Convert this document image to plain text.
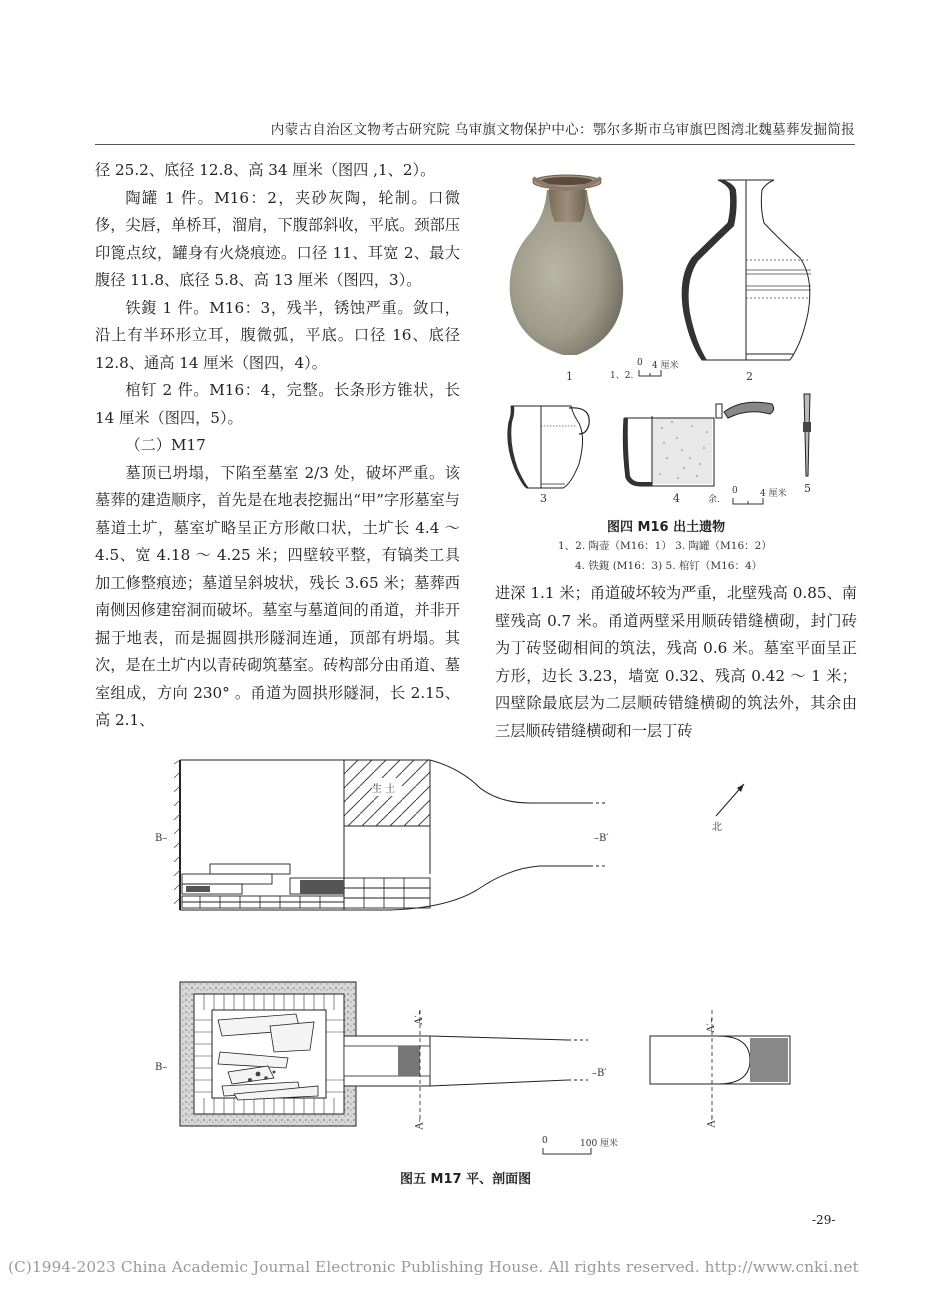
内蒙古自治区文物考古研究院 乌审旗文物保护中心：鄂尔多斯市乌审旗巴图湾北魏墓葬发掘简报

径 25.2、底径 12.8、高 34 厘米（图四 ,1、2）。

陶罐 1 件。M16：2，夹砂灰陶，轮制。口微侈，尖唇，单桥耳，溜肩，下腹部斜收，平底。颈部压印篦点纹，罐身有火烧痕迹。口径 11、耳宽 2、最大腹径 11.8、底径 5.8、高 13 厘米（图四，3）。

铁鍑 1 件。M16：3，残半，锈蚀严重。敛口，沿上有半环形立耳，腹微弧，平底。口径 16、底径 12.8、通高 14 厘米（图四，4）。

棺钉 2 件。M16：4，完整。长条形方锥状，长 14 厘米（图四，5）。

（二）M17

墓顶已坍塌，下陷至墓室 2/3 处，破坏严重。该墓葬的建造顺序，首先是在地表挖掘出“甲”字形墓室与墓道土圹，墓室圹略呈正方形敞口状，土圹长 4.4 ～ 4.5、宽 4.18 ～ 4.25 米；四壁较平整，有镐类工具加工修整痕迹；墓道呈斜坡状，残长 3.65 米；墓葬西南侧因修建窑洞而破坏。墓室与墓道间的甬道，并非开掘于地表，而是掘圆拱形隧洞连通，顶部有坍塌。其次，是在土圹内以青砖砌筑墓室。砖构部分由甬道、墓室组成，方向 230° 。甬道为圆拱形隧洞，长 2.15、高 2.1、

进深 1.1 米；甬道破坏较为严重，北壁残高 0.85、南壁残高 0.7 米。甬道两壁采用顺砖错缝横砌，封门砖为丁砖竖砌相间的筑法，残高 0.6 米。墓室平面呈正方形，边长 3.23，墙宽 0.32、残高 0.42 ～ 1 米；四壁除最底层为二层顺砖错缝横砌的筑法外，其余由三层顺砖错缝横砌和一层丁砖

1	2
1、2.
0 4 厘米
3	4
5
余.
0 4 厘米
图四 M16 出土遗物
1、2. 陶壶（M16：1） 3. 陶罐（M16：2）
4. 铁鍑 (M16：3) 5. 棺钉（M16：4）
生 土
B–	–B′
北
B–
–B′
A′–
A–
A′–
A–
0	100 厘米
图五 M17 平、剖面图
-29-
(C)1994-2023 China Academic Journal Electronic Publishing House. All rights reserved. http://www.cnki.net
